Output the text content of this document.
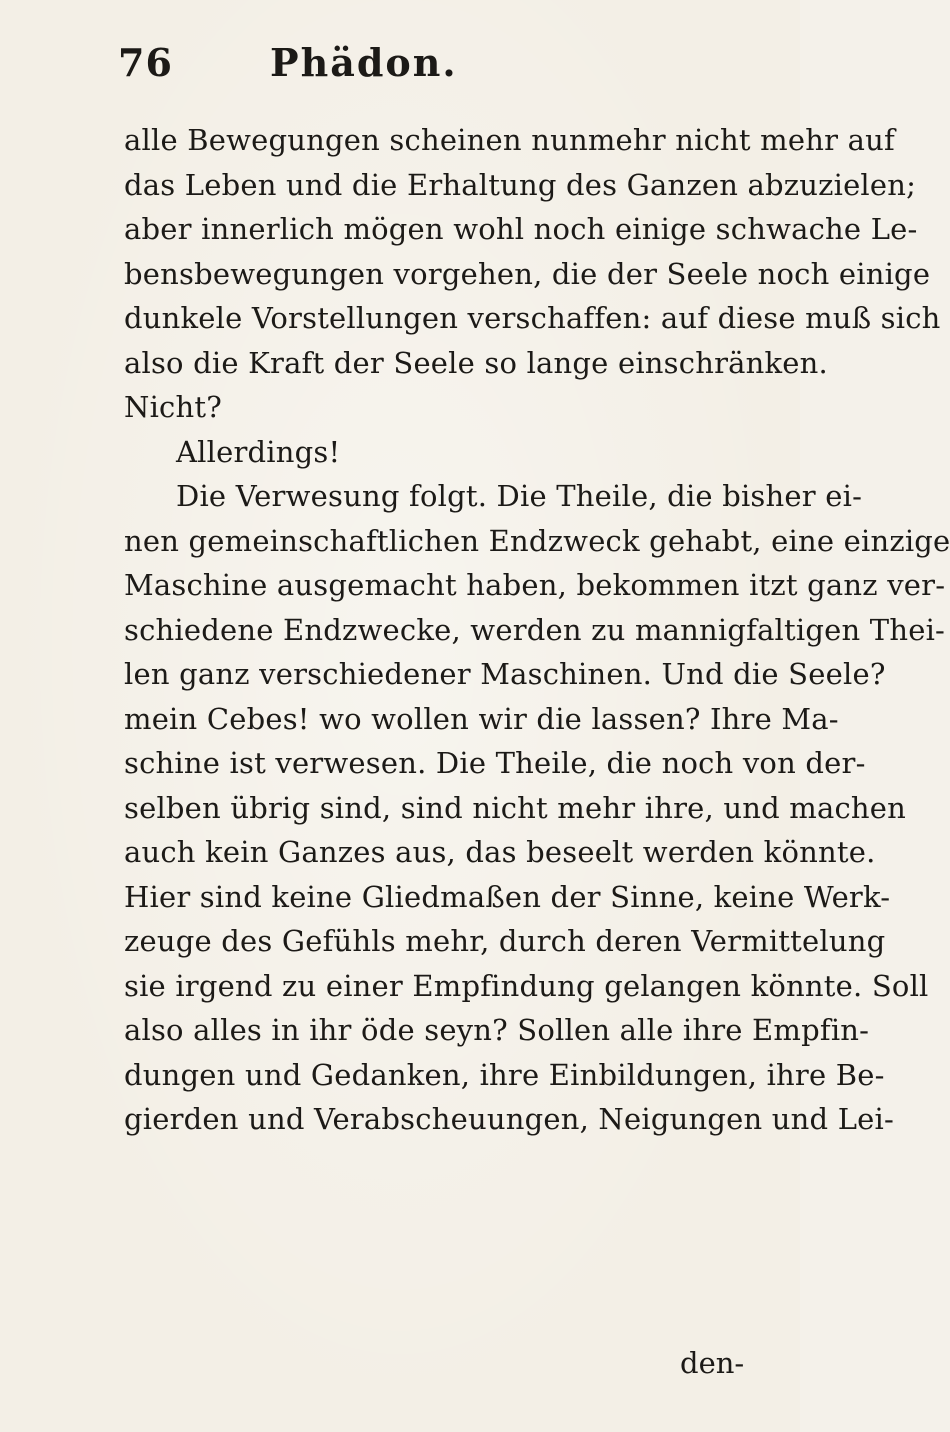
76	Phädon.
alle Bewegungen scheinen nunmehr nicht mehr auf
das Leben und die Erhaltung des Ganzen abzuzielen;
aber innerlich mögen wohl noch einige schwache Le-
bensbewegungen vorgehen, die der Seele noch einige
dunkele Vorstellungen verschaffen: auf diese muß sich
also die Kraft der Seele so lange einschränken.
Nicht?
Allerdings!
Die Verwesung folgt. Die Theile, die bisher ei-
nen gemeinschaftlichen Endzweck gehabt, eine einzige
Maschine ausgemacht haben, bekommen itzt ganz ver-
schiedene Endzwecke, werden zu mannigfaltigen Thei-
len ganz verschiedener Maschinen. Und die Seele?
mein Cebes! wo wollen wir die lassen? Ihre Ma-
schine ist verwesen. Die Theile, die noch von der-
selben übrig sind, sind nicht mehr ihre, und machen
auch kein Ganzes aus, das beseelt werden könnte.
Hier sind keine Gliedmaßen der Sinne, keine Werk-
zeuge des Gefühls mehr, durch deren Vermittelung
sie irgend zu einer Empfindung gelangen könnte. Soll
also alles in ihr öde seyn? Sollen alle ihre Empfin-
dungen und Gedanken, ihre Einbildungen, ihre Be-
gierden und Verabscheuungen, Neigungen und Lei-
den-
